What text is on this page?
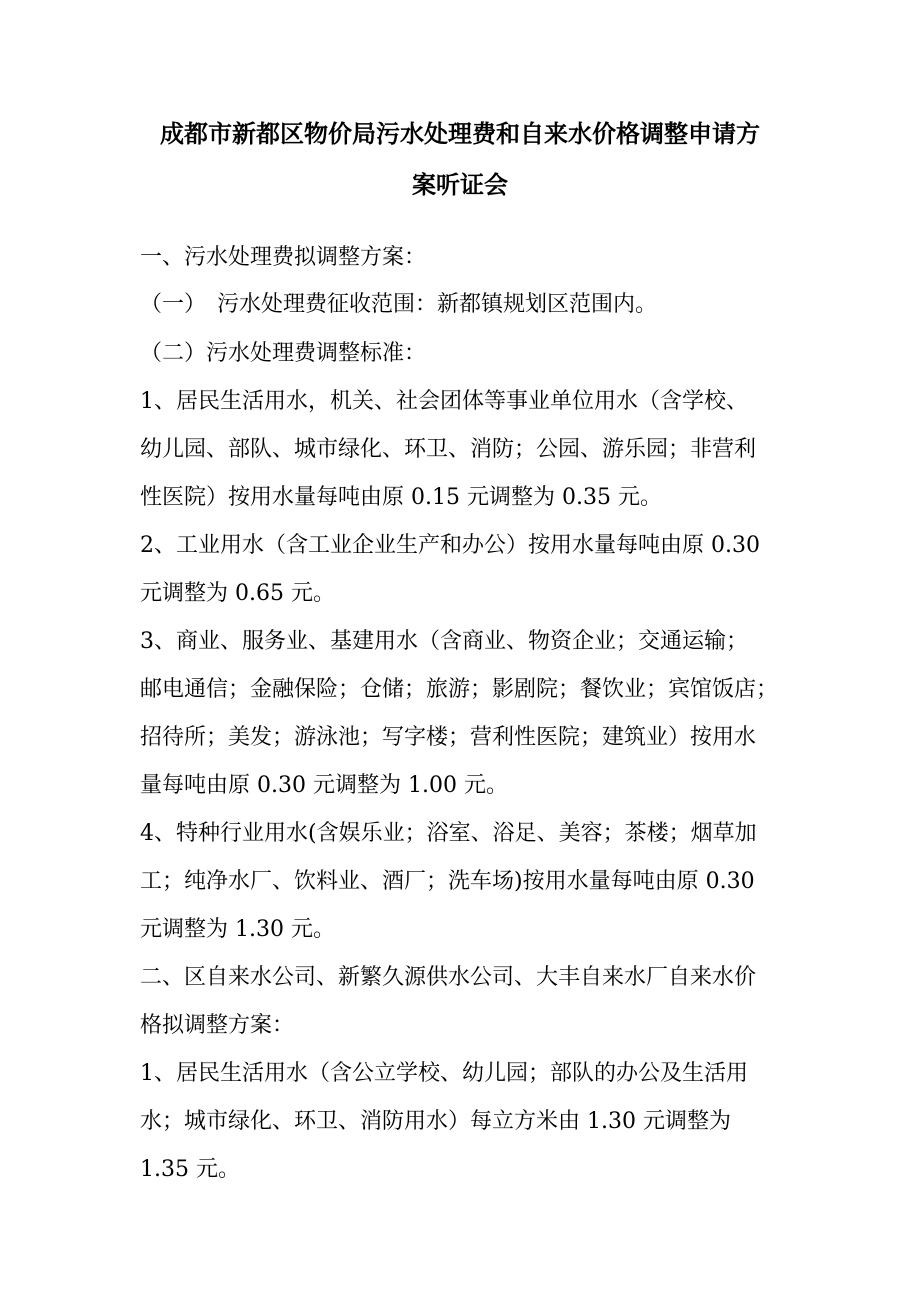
成都市新都区物价局污水处理费和自来水价格调整申请方
案听证会
一、污水处理费拟调整方案：
（一）　污水处理费征收范围：新都镇规划区范围内。
（二）污水处理费调整标准：
1、居民生活用水，机关、社会团体等事业单位用水（含学校、
幼儿园、部队、城市绿化、环卫、消防；公园、游乐园；非营利
性医院）按用水量每吨由原 0.15 元调整为 0.35 元。
2、工业用水（含工业企业生产和办公）按用水量每吨由原 0.30
元调整为 0.65 元。
3、商业、服务业、基建用水（含商业、物资企业；交通运输；
邮电通信；金融保险；仓储；旅游；影剧院；餐饮业；宾馆饭店；
招待所；美发；游泳池；写字楼；营利性医院；建筑业）按用水
量每吨由原 0.30 元调整为 1.00 元。
4、特种行业用水(含娱乐业；浴室、浴足、美容；茶楼；烟草加
工；纯净水厂、饮料业、酒厂；洗车场)按用水量每吨由原 0.30
元调整为 1.30 元。
二、区自来水公司、新繁久源供水公司、大丰自来水厂自来水价
格拟调整方案：
1、居民生活用水（含公立学校、幼儿园；部队的办公及生活用
水；城市绿化、环卫、消防用水）每立方米由 1.30 元调整为
1.35 元。
